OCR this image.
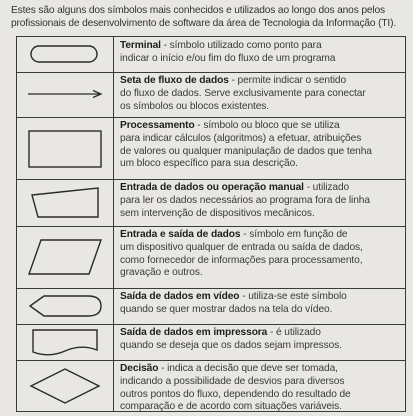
Estes são alguns dos símbolos mais conhecidos e utilizados ao longo dos anos pelos
profissionais de desenvolvimento de software da área de Tecnologia da Informação (TI).
Terminal - símbolo utilizado como ponto para
indicar o início e/ou fim do fluxo de um programa
Seta de fluxo de dados - permite indicar o sentido
do fluxo de dados. Serve exclusivamente para conectar
os símbolos ou blocos existentes.
Processamento - símbolo ou bloco que se utiliza
para indicar cálculos (algoritmos) a efetuar, atribuições
de valores ou qualquer manipulação de dados que tenha
um bloco específico para sua descrição.
Entrada de dados ou operação manual - utilizado
para ler os dados necessários ao programa fora de linha
sem intervenção de dispositivos mecânicos.
Entrada e saída de dados - símbolo em função de
um dispositivo qualquer de entrada ou saída de dados,
como fornecedor de informações para processamento,
gravação e outros.
Saída de dados em vídeo - utiliza-se este símbolo
quando se quer mostrar dados na tela do vídeo.
Saída de dados em impressora - é utilizado
quando se deseja que os dados sejam impressos.
Decisão - indica a decisão que deve ser tomada,
indicando a possibilidade de desvios para diversos
outros pontos do fluxo, dependendo do resultado de
comparação e de acordo com situações variáveis.
